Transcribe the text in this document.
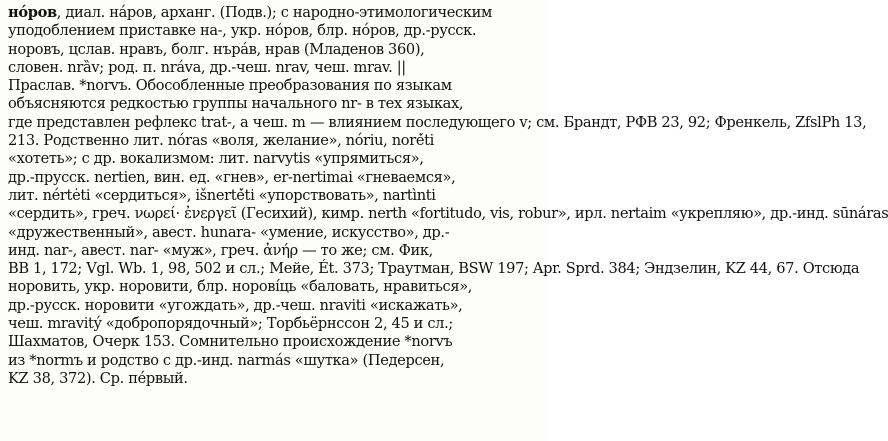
нóров, диал. нáров, арханг. (Подв.); с народно-этимологическим
уподоблением приставке на-, укр. нóров, блр. нóров, др.-русск.
норовъ, цслав. нравъ, болг. нърáв, нрав (Младенов 360),
словен. nrȁv; род. п. nráva, др.-чеш. nrav, чеш. mrav. ||
Праслав. *norvъ. Обособленные преобразования по языкам
объясняются редкостью группы начального nr- в тех языках,
где представлен рефлекс trat-, а чеш. m — влиянием последующего v; см. Брандт, РФВ 23, 92; Френкель, ZfslPh 13,
213. Родственно лит. nóras «воля, желание», nóriu, norė́ti
«хотеть»; с др. вокализмом: лит. narvytis «упрямиться»,
др.-прусск. nertien, вин. ед. «гнев», er-nertimai «гневаемся»,
лит. nértėti «сердиться», išnertė́ti «упорствовать», nartìnti
«сердить», греч. νωρεί· ἐνεργεῖ (Гесихий), кимр. nerth «fortitudo, vis, robur», ирл. nertaim «укрепляю», др.-инд. sūnáras
«дружественный», авест. hunara- «умение, искусство», др.-
инд. nar-, авест. nar- «муж», греч. ἀνήρ — то же; см. Фик,
BB 1, 172; Vgl. Wb. 1, 98, 502 и сл.; Мейе, Ét. 373; Траутман, BSW 197; Apr. Sprd. 384; Эндзелин, KZ 44, 67. Отсюда
норовить, укр. норовити, блр. норовíць «баловать, нравиться»,
др.-русск. норовити «угождать», др.-чеш. nraviti «искажать»,
чеш. mravitý «добропорядочный»; Торбьёрнссон 2, 45 и сл.;
Шахматов, Очерк 153. Сомнительно происхождение *norvъ
из *normъ и родство с др.-инд. narmás «шутка» (Педерсен,
KZ 38, 372). Ср. пéрвый.
